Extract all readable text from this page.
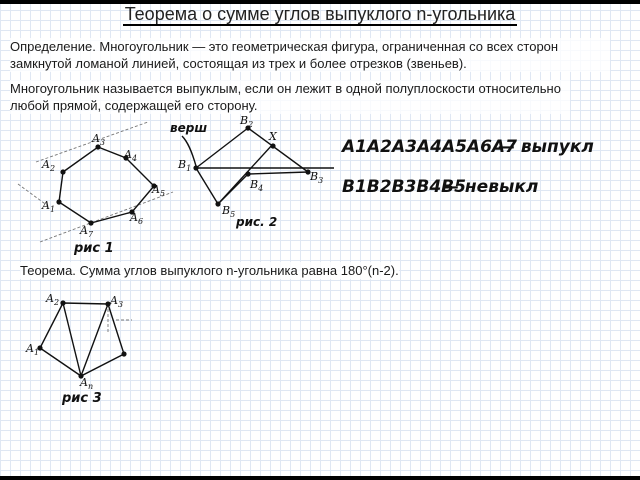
Теорема о сумме углов выпуклого n-угольника
Определение. Многоугольник — это геометрическая фигура, ограниченная со всех сторон замкнутой ломаной линией, состоящая из трех и более отрезков (звеньев).
Многоугольник называется выпуклым, если он лежит в одной полуплоскости относительно любой прямой, содержащей его сторону.
Теорема. Сумма углов выпуклого n-угольника равна 180°(n-2).
$A_1$
$A_2$
$A_3$
$A_4$
$A_5$
$A_6$
$A_7$
рис 1
верш
$B_1$
$B_2$
$B_3$
$B_4$
$B_5$
X
рис. 2
A1A2A3A4A5A6A7
— выпукл
B1B2B3B4B5
— невыкл
$A_1$
$A_2$	$A_3$
$A_n$
рис 3
